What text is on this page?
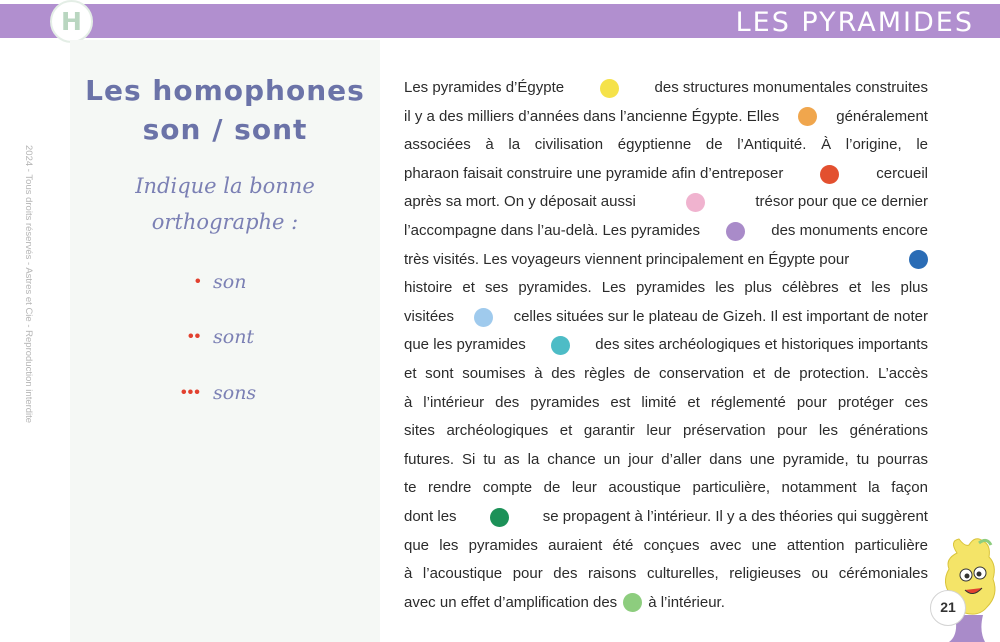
LES PYRAMIDES
H
2024 - Tous droits réservés - Astres et Cie - Reproduction interdite
Les homophones
son / sont
Indique la bonne
orthographe :
• son
•• sont
••• sons
Les pyramides d’Égypte	des structures monumentales construites
il y a des milliers d’années dans l’ancienne Égypte. Elles	généralement
associées à la civilisation égyptienne de l’Antiquité. À l’origine, le
pharaon faisait construire une pyramide afin d’entreposer	cercueil
après sa mort. On y déposait aussi	trésor pour que ce dernier
l’accompagne dans l’au-delà. Les pyramides	des monuments encore
très visités. Les voyageurs viennent principalement en Égypte pour
histoire et ses pyramides. Les pyramides les plus célèbres et les plus
visitées	celles situées sur le plateau de Gizeh. Il est important de noter
que les pyramides	des sites archéologiques et historiques importants
et sont soumises à des règles de conservation et de protection. L’accès
à l’intérieur des pyramides est limité et réglementé pour protéger ces
sites archéologiques et garantir leur préservation pour les générations
futures. Si tu as la chance un jour d’aller dans une pyramide, tu pourras
te rendre compte de leur acoustique particulière, notamment la façon
dont les	se propagent à l’intérieur. Il y a des théories qui suggèrent
que les pyramides auraient été conçues avec une attention particulière
à l’acoustique pour des raisons culturelles, religieuses ou cérémoniales
avec un effet d’amplification des à l’intérieur.	21
